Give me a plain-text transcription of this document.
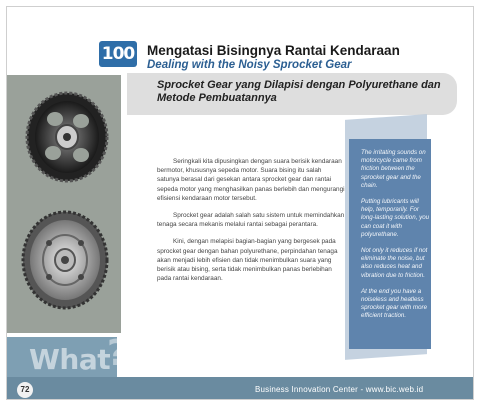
100 Mengatasi Bisingnya Rantai Kendaraan
Dealing with the Noisy Sprocket Gear
Sprocket Gear yang Dilapisi dengan Polyurethane dan Metode Pembuatannya

Seringkali kita dipusingkan dengan suara berisik kendaraan bermotor, khususnya sepeda motor. Suara bising itu salah satunya berasal dari gesekan antara sprocket gear dan rantai sepeda motor yang menghasilkan panas berlebih dan mengurangi efisiensi kendaraan motor tersebut.

Sprocket gear adalah salah satu sistem untuk memindahkan tenaga secara mekanis melalui rantai sebagai perantara.

Kini, dengan melapisi bagian-bagian yang bergesek pada sprocket gear dengan bahan polyurethane, perpindahan tenaga akan menjadi lebih efisien dan tidak menimbulkan suara yang berisik atau bising, serta tidak menimbulkan panas berlebihan pada rantai kendaraan.

The irritating sounds on motorcycle came from friction between the sprocket gear and the chain.

Putting lubricants will help, temporarily. For long-lasting solution, you can coat it with polyurethane.

Not only it reduces if not eliminate the noise, but also reduces heat and vibration due to friction.

At the end you have a noiseless and heatless sprocket gear with more efficient traction.

What
?
72	Business Innovation Center - www.bic.web.id
